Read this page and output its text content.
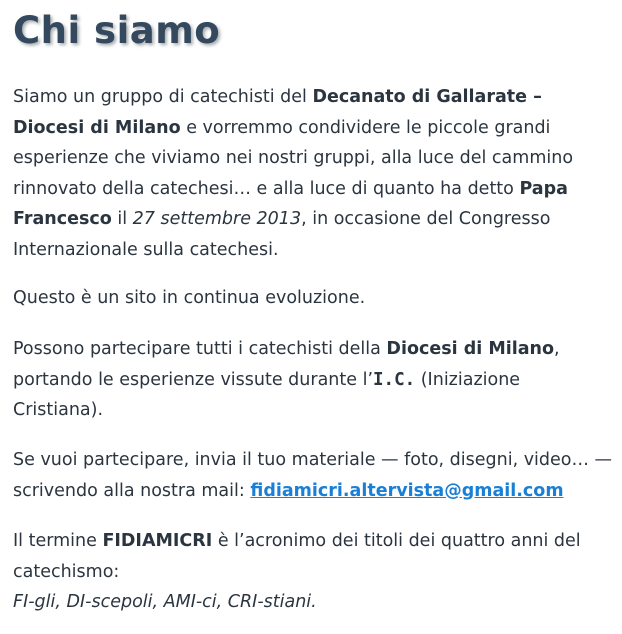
Chi siamo

Siamo un gruppo di catechisti del Decanato di Gallarate – Diocesi di Milano e vorremmo condividere le piccole grandi esperienze che viviamo nei nostri gruppi, alla luce del cammino rinnovato della catechesi… e alla luce di quanto ha detto Papa Francesco il 27 settembre 2013, in occasione del Congresso Internazionale sulla catechesi.

Questo è un sito in continua evoluzione.

Possono partecipare tutti i catechisti della Diocesi di Milano, portando le esperienze vissute durante l’I.C. (Iniziazione Cristiana).

Se vuoi partecipare, invia il tuo materiale — foto, disegni, video… — scrivendo alla nostra mail: fidiamicri.altervista@gmail.com

Il termine FIDIAMICRI è l’acronimo dei titoli dei quattro anni del catechismo:
FI-gli, DI-scepoli, AMI-ci, CRI-stiani.
